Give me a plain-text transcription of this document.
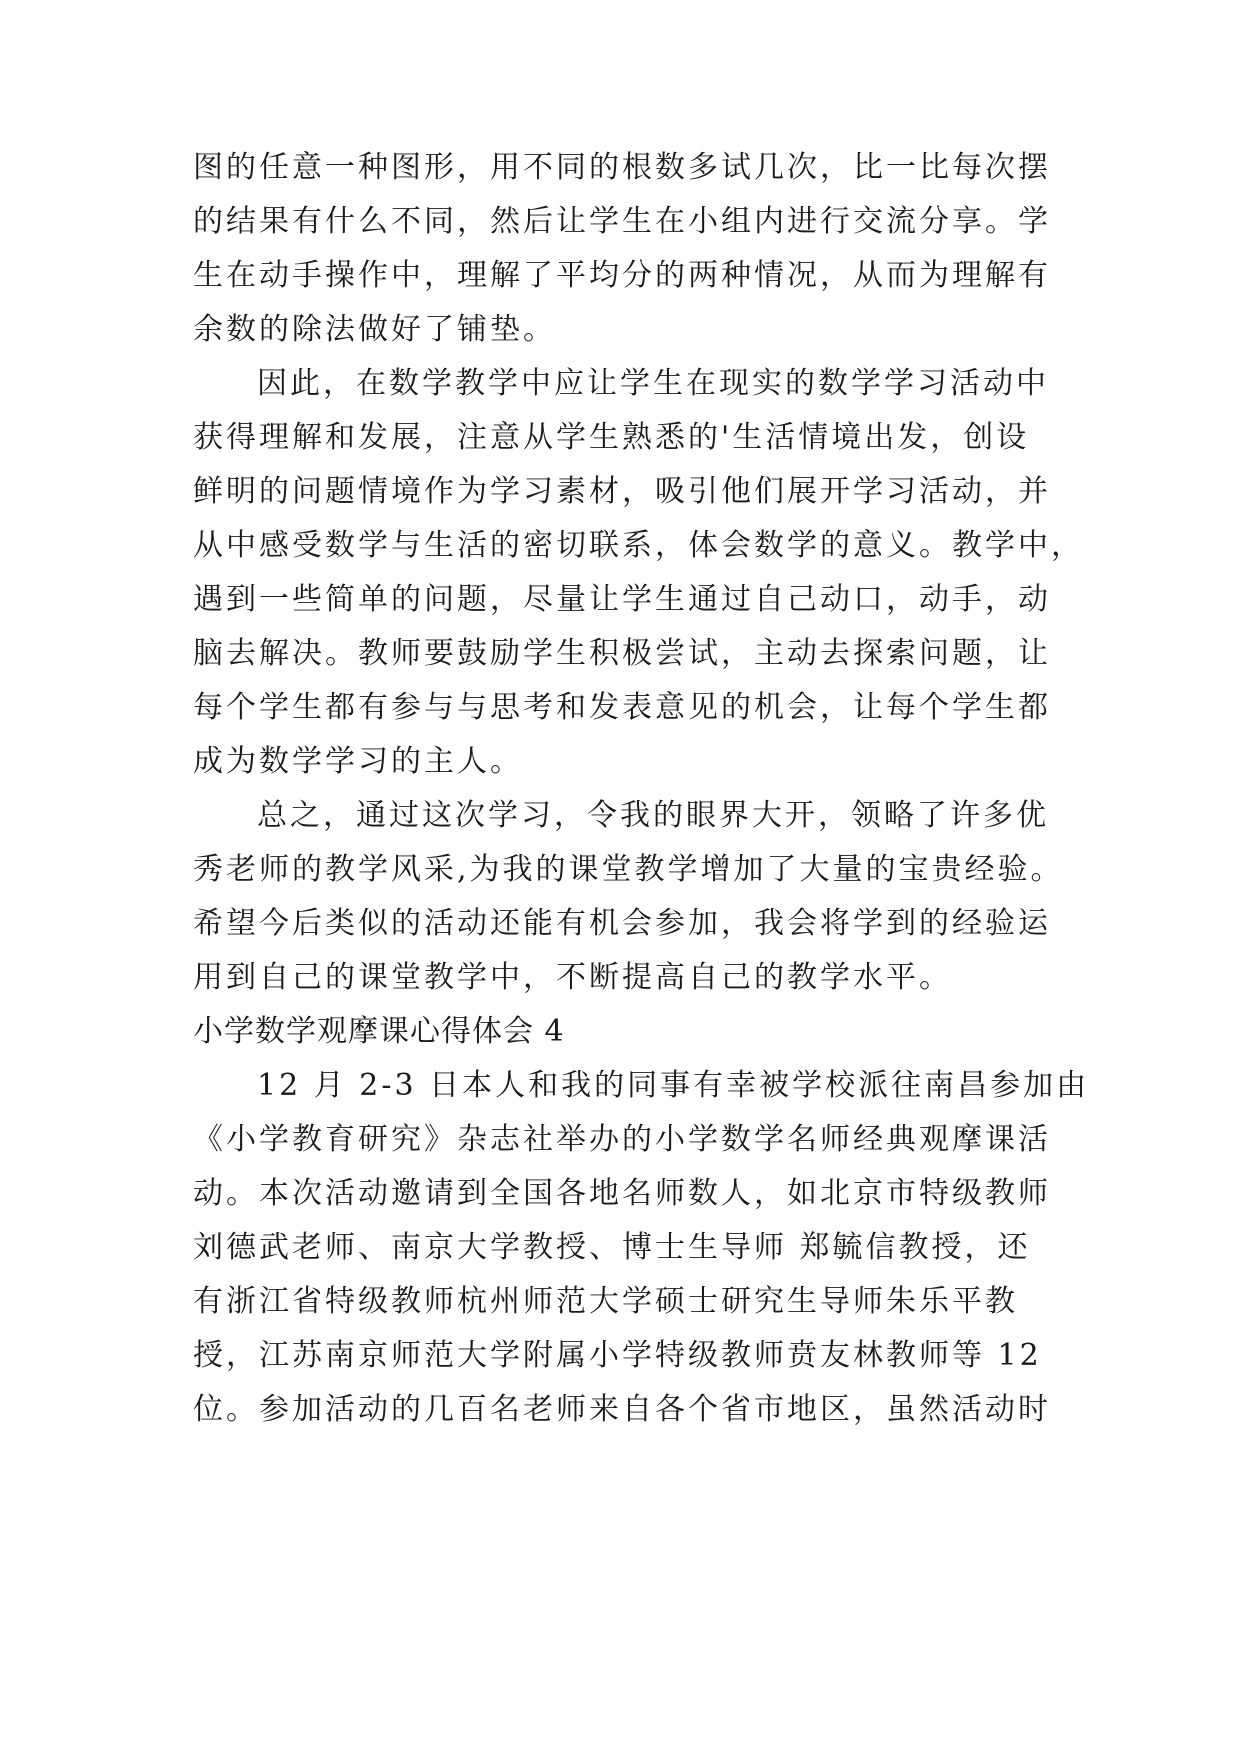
图的任意一种图形，用不同的根数多试几次，比一比每次摆
的结果有什么不同，然后让学生在小组内进行交流分享。学
生在动手操作中，理解了平均分的两种情况，从而为理解有
余数的除法做好了铺垫。
因此，在数学教学中应让学生在现实的数学学习活动中
获得理解和发展，注意从学生熟悉的'生活情境出发，创设
鲜明的问题情境作为学习素材，吸引他们展开学习活动，并
从中感受数学与生活的密切联系，体会数学的意义。教学中，
遇到一些简单的问题，尽量让学生通过自己动口，动手，动
脑去解决。教师要鼓励学生积极尝试，主动去探索问题，让
每个学生都有参与与思考和发表意见的机会，让每个学生都
成为数学学习的主人。
总之，通过这次学习，令我的眼界大开，领略了许多优
秀老师的教学风采,为我的课堂教学增加了大量的宝贵经验。
希望今后类似的活动还能有机会参加，我会将学到的经验运
用到自己的课堂教学中，不断提高自己的教学水平。
小学数学观摩课心得体会 4
12 月 2-3 日本人和我的同事有幸被学校派往南昌参加由
《小学教育研究》杂志社举办的小学数学名师经典观摩课活
动。本次活动邀请到全国各地名师数人，如北京市特级教师
刘德武老师、南京大学教授、博士生导师 郑毓信教授，还
有浙江省特级教师杭州师范大学硕士研究生导师朱乐平教
授，江苏南京师范大学附属小学特级教师贲友林教师等 12
位。参加活动的几百名老师来自各个省市地区，虽然活动时
